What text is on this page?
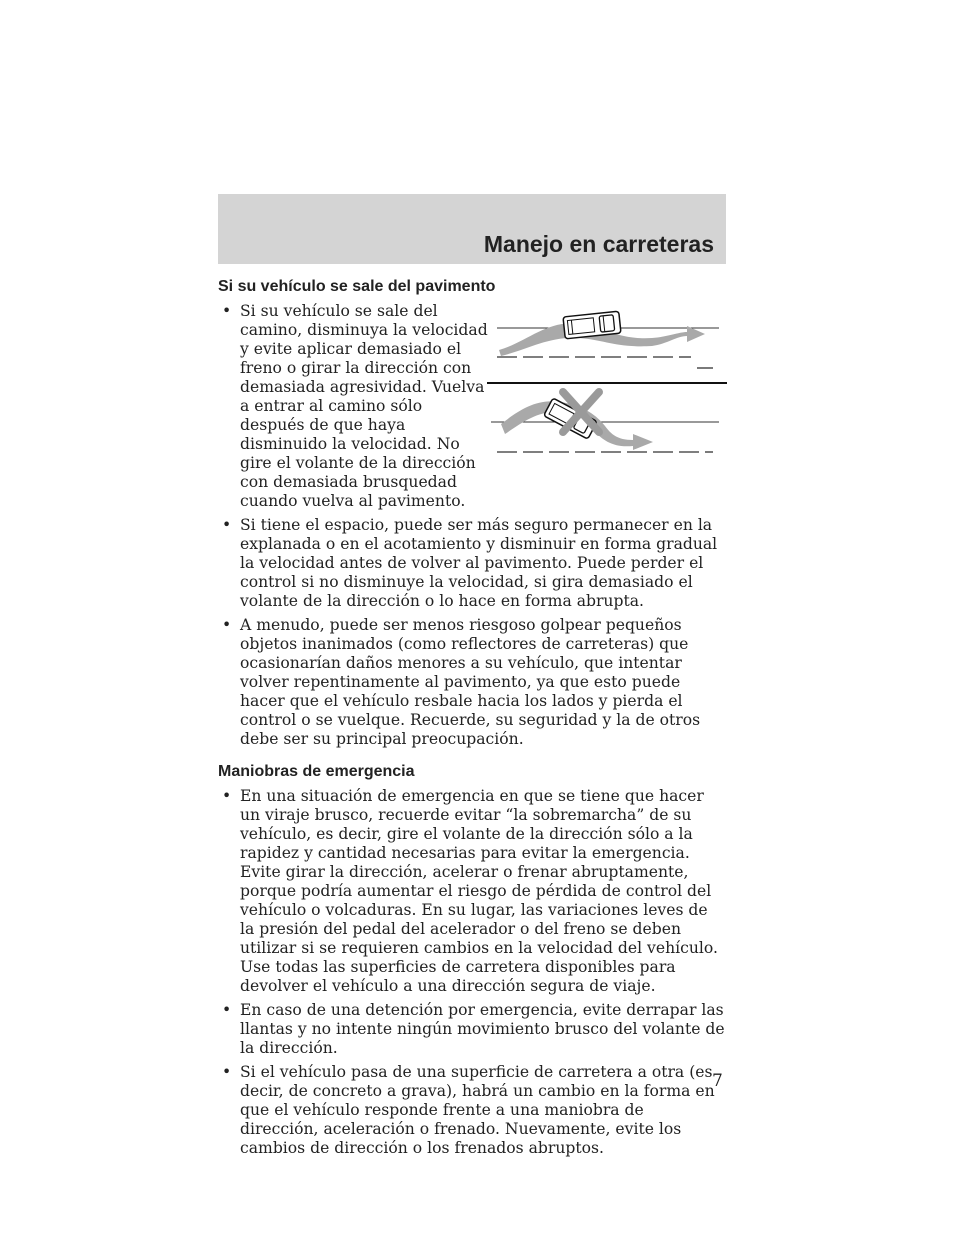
Manejo en carreteras
Si su vehículo se sale del pavimento
• Si su vehículo se sale del camino, disminuya la velocidad y evite aplicar demasiado el freno o girar la dirección con demasiada agresividad. Vuelva a entrar al camino sólo después de que haya disminuido la velocidad. No gire el volante de la dirección con demasiada brusquedad cuando vuelva al pavimento.
• Si tiene el espacio, puede ser más seguro permanecer en la explanada o en el acotamiento y disminuir en forma gradual la velocidad antes de volver al pavimento. Puede perder el control si no disminuye la velocidad, si gira demasiado el volante de la dirección o lo hace en forma abrupta.
• A menudo, puede ser menos riesgoso golpear pequeños objetos inanimados (como reflectores de carreteras) que ocasionarían daños menores a su vehículo, que intentar volver repentinamente al pavimento, ya que esto puede hacer que el vehículo resbale hacia los lados y pierda el control o se vuelque. Recuerde, su seguridad y la de otros debe ser su principal preocupación.
Maniobras de emergencia
• En una situación de emergencia en que se tiene que hacer un viraje brusco, recuerde evitar “la sobremarcha” de su vehículo, es decir, gire el volante de la dirección sólo a la rapidez y cantidad necesarias para evitar la emergencia. Evite girar la dirección, acelerar o frenar abruptamente, porque podría aumentar el riesgo de pérdida de control del vehículo o volcaduras. En su lugar, las variaciones leves de la presión del pedal del acelerador o del freno se deben utilizar si se requieren cambios en la velocidad del vehículo. Use todas las superficies de carretera disponibles para devolver el vehículo a una dirección segura de viaje.
• En caso de una detención por emergencia, evite derrapar las llantas y no intente ningún movimiento brusco del volante de la dirección.
• Si el vehículo pasa de una superficie de carretera a otra (es decir, de concreto a grava), habrá un cambio en la forma en que el vehículo responde frente a una maniobra de dirección, aceleración o frenado. Nuevamente, evite los cambios de dirección o los frenados abruptos.

7
